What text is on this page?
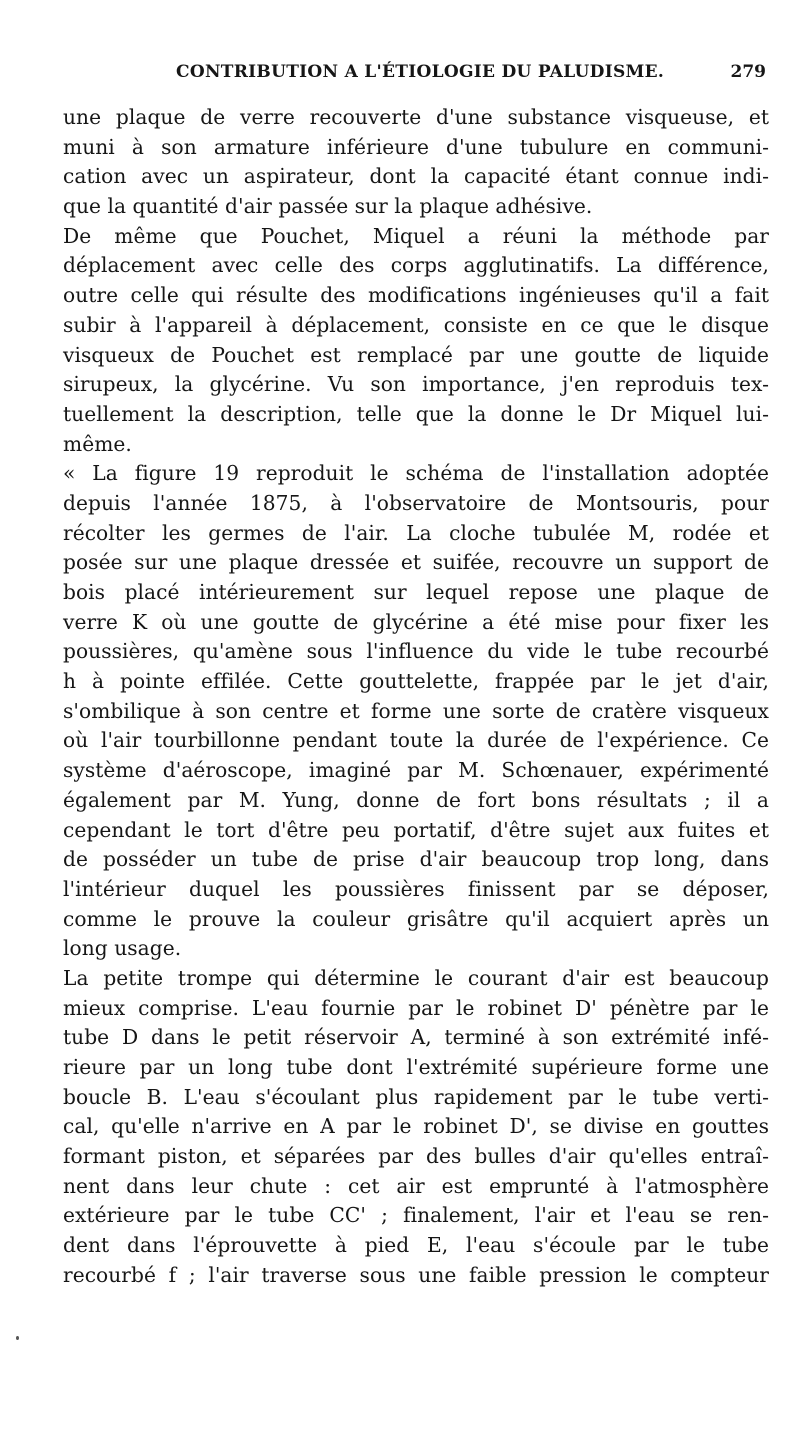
CONTRIBUTION A L'ÉTIOLOGIE DU PALUDISME.	279
une plaque de verre recouverte d'une substance visqueuse, et
muni à son armature inférieure d'une tubulure en communi-
cation avec un aspirateur, dont la capacité étant connue indi-
que la quantité d'air passée sur la plaque adhésive.
De même que Pouchet, Miquel a réuni la méthode par
déplacement avec celle des corps agglutinatifs. La différence,
outre celle qui résulte des modifications ingénieuses qu'il a fait
subir à l'appareil à déplacement, consiste en ce que le disque
visqueux de Pouchet est remplacé par une goutte de liquide
sirupeux, la glycérine. Vu son importance, j'en reproduis tex-
tuellement la description, telle que la donne le Dr Miquel lui-
même.
« La figure 19 reproduit le schéma de l'installation adoptée
depuis l'année 1875, à l'observatoire de Montsouris, pour
récolter les germes de l'air. La cloche tubulée M, rodée et
posée sur une plaque dressée et suifée, recouvre un support de
bois placé intérieurement sur lequel repose une plaque de
verre K où une goutte de glycérine a été mise pour fixer les
poussières, qu'amène sous l'influence du vide le tube recourbé
h à pointe effilée. Cette gouttelette, frappée par le jet d'air,
s'ombilique à son centre et forme une sorte de cratère visqueux
où l'air tourbillonne pendant toute la durée de l'expérience. Ce
système d'aéroscope, imaginé par M. Schœnauer, expérimenté
également par M. Yung, donne de fort bons résultats ; il a
cependant le tort d'être peu portatif, d'être sujet aux fuites et
de posséder un tube de prise d'air beaucoup trop long, dans
l'intérieur duquel les poussières finissent par se déposer,
comme le prouve la couleur grisâtre qu'il acquiert après un
long usage.
La petite trompe qui détermine le courant d'air est beaucoup
mieux comprise. L'eau fournie par le robinet D' pénètre par le
tube D dans le petit réservoir A, terminé à son extrémité infé-
rieure par un long tube dont l'extrémité supérieure forme une
boucle B. L'eau s'écoulant plus rapidement par le tube verti-
cal, qu'elle n'arrive en A par le robinet D', se divise en gouttes
formant piston, et séparées par des bulles d'air qu'elles entraî-
nent dans leur chute : cet air est emprunté à l'atmosphère
extérieure par le tube CC' ; finalement, l'air et l'eau se ren-
dent dans l'éprouvette à pied E, l'eau s'écoule par le tube
recourbé f ; l'air traverse sous une faible pression le compteur
